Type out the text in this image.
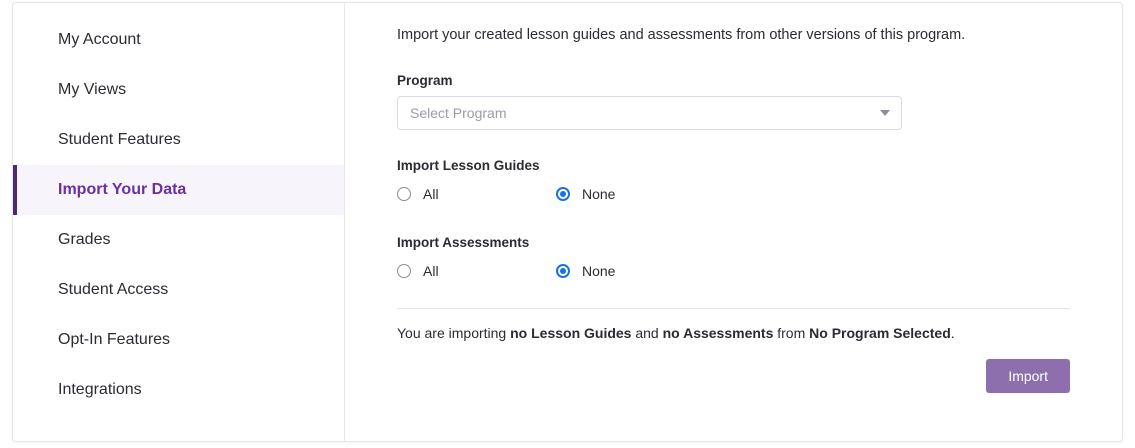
My Account
My Views
Student Features
Import Your Data
Grades
Student Access
Opt-In Features
Integrations

Import your created lesson guides and assessments from other versions of this program.

Program
Select Program
Import Lesson Guides
All	None
Import Assessments
All	None
You are importing no Lesson Guides and no Assessments from No Program Selected.
Import
